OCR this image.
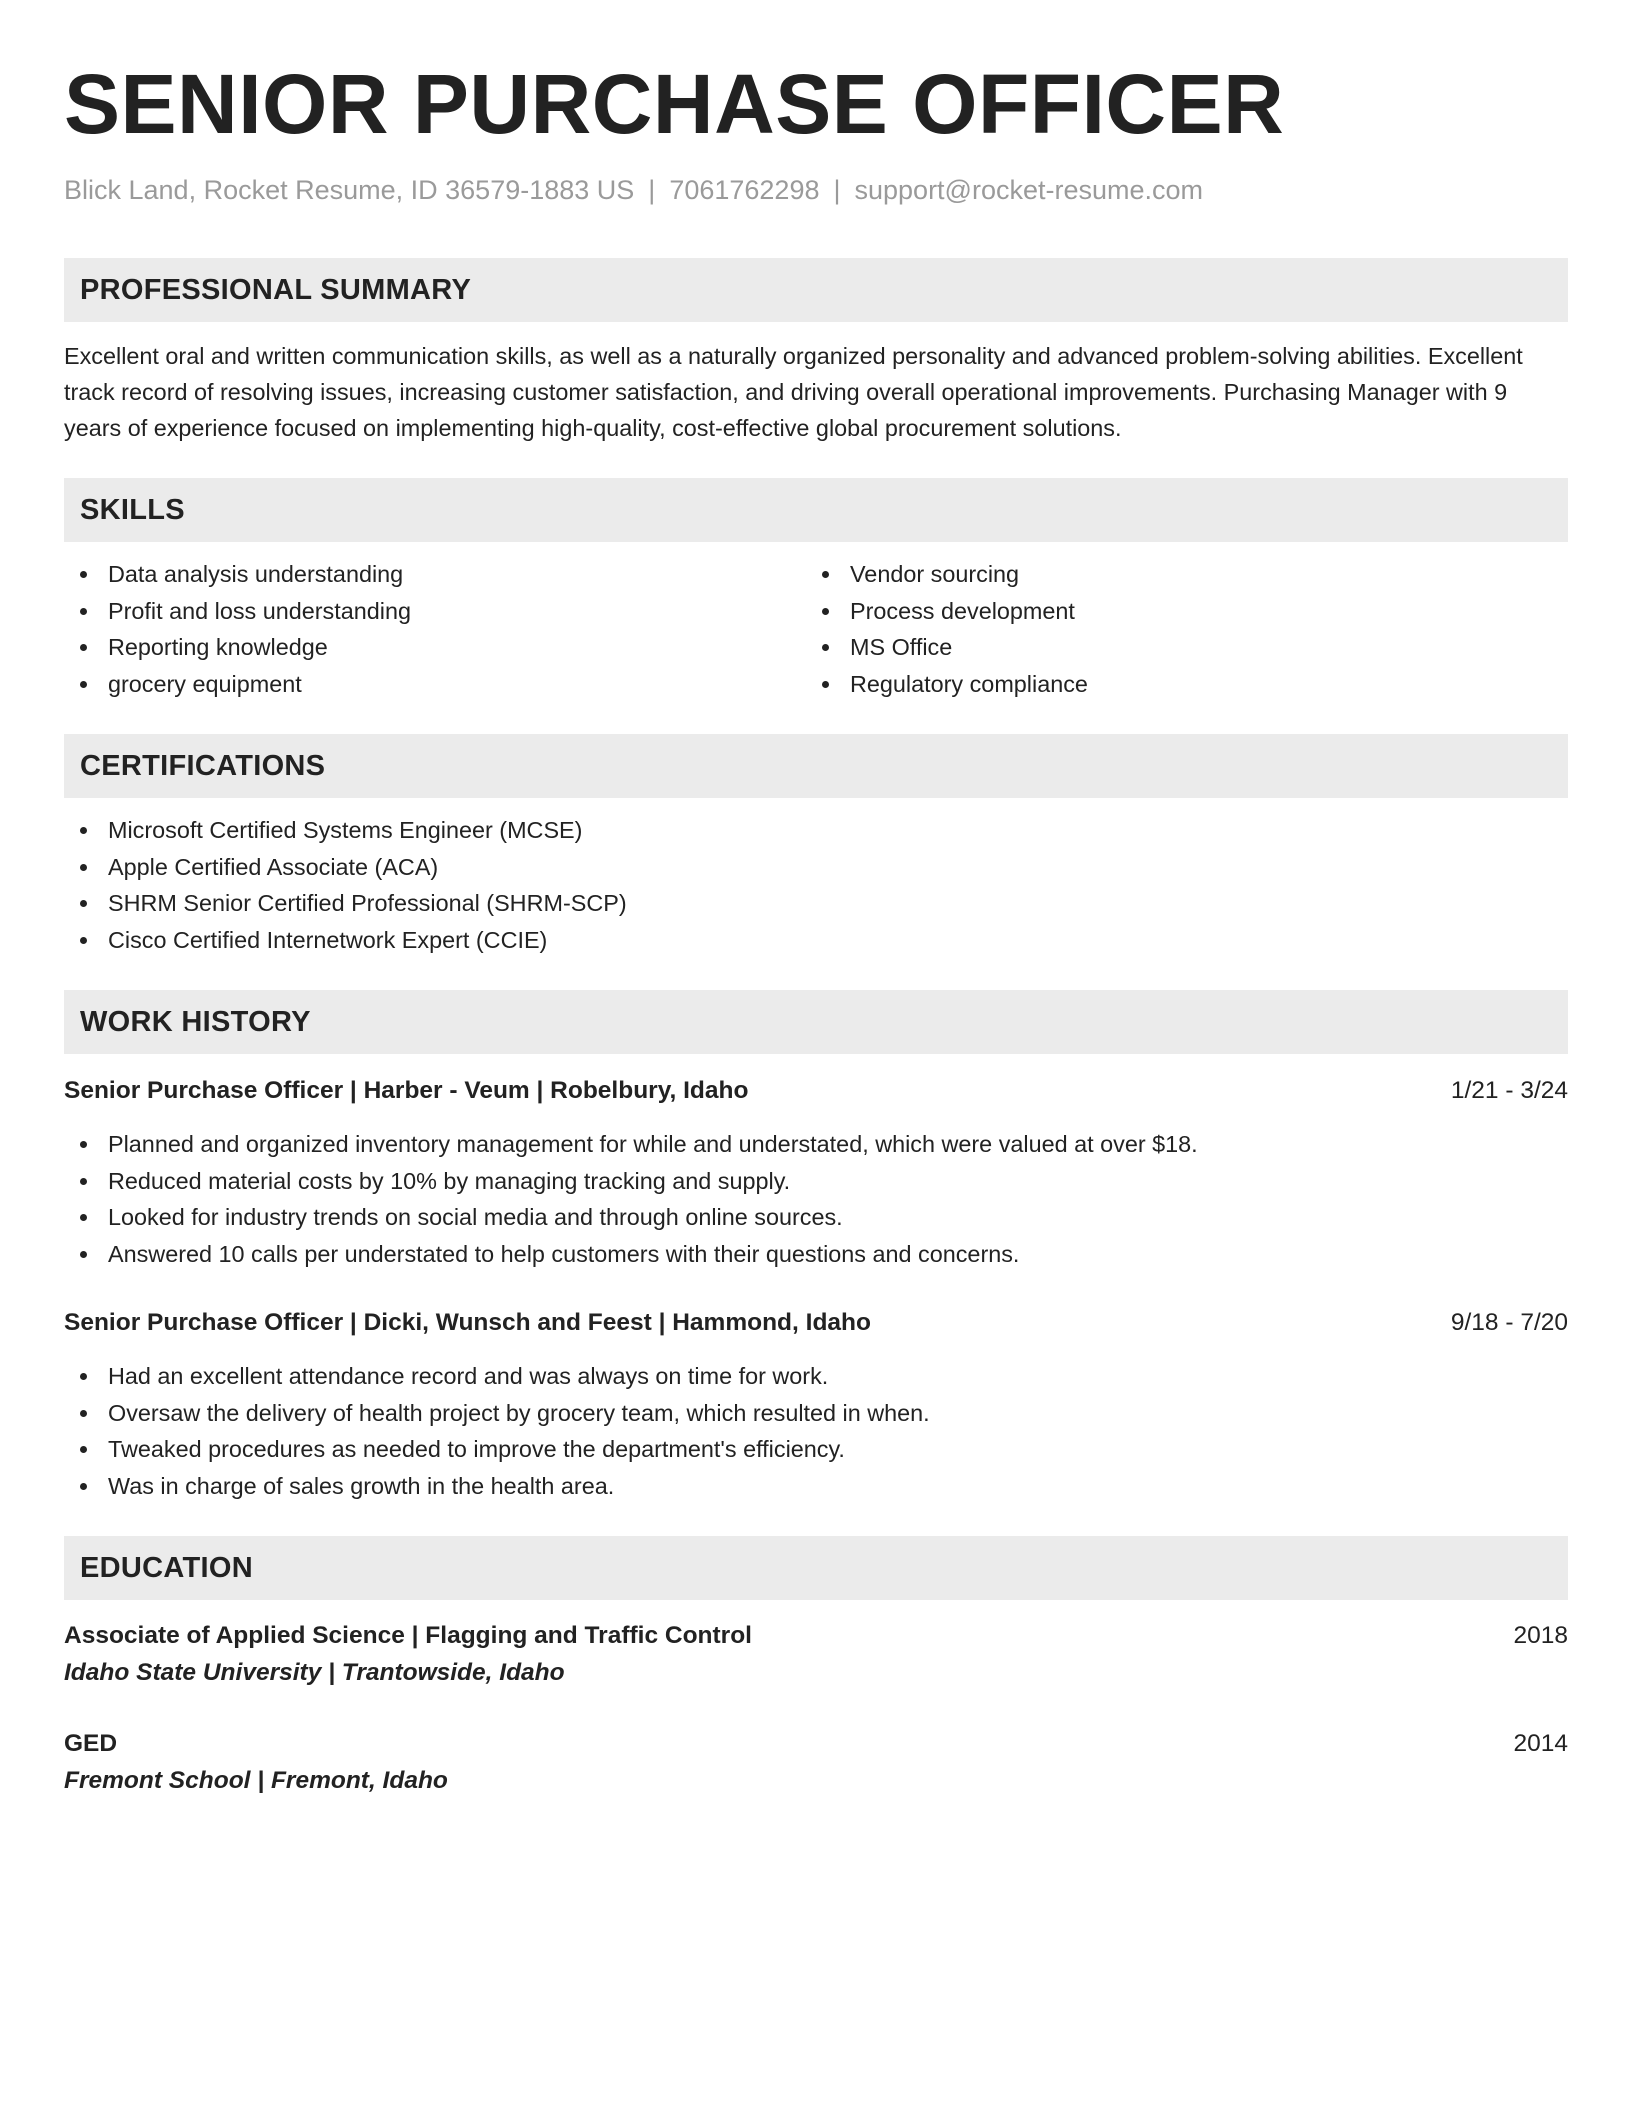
SENIOR PURCHASE OFFICER
Blick Land, Rocket Resume, ID 36579-1883 US | 7061762298 | support@rocket-resume.com
PROFESSIONAL SUMMARY

Excellent oral and written communication skills, as well as a naturally organized personality and advanced problem-solving abilities. Excellent track record of resolving issues, increasing customer satisfaction, and driving overall operational improvements. Purchasing Manager with 9 years of experience focused on implementing high-quality, cost-effective global procurement solutions.

SKILLS
Data analysis understanding
Profit and loss understanding
Reporting knowledge
grocery equipment
Vendor sourcing
Process development
MS Office
Regulatory compliance
CERTIFICATIONS
Microsoft Certified Systems Engineer (MCSE)
Apple Certified Associate (ACA)
SHRM Senior Certified Professional (SHRM-SCP)
Cisco Certified Internetwork Expert (CCIE)
WORK HISTORY
Senior Purchase Officer | Harber - Veum | Robelbury, Idaho	1/21 - 3/24
Planned and organized inventory management for while and understated, which were valued at over $18.
Reduced material costs by 10% by managing tracking and supply.
Looked for industry trends on social media and through online sources.
Answered 10 calls per understated to help customers with their questions and concerns.
Senior Purchase Officer | Dicki, Wunsch and Feest | Hammond, Idaho	9/18 - 7/20
Had an excellent attendance record and was always on time for work.
Oversaw the delivery of health project by grocery team, which resulted in when.
Tweaked procedures as needed to improve the department's efficiency.
Was in charge of sales growth in the health area.
EDUCATION
Associate of Applied Science | Flagging and Traffic Control	2018
Idaho State University | Trantowside, Idaho
GED	2014
Fremont School | Fremont, Idaho
